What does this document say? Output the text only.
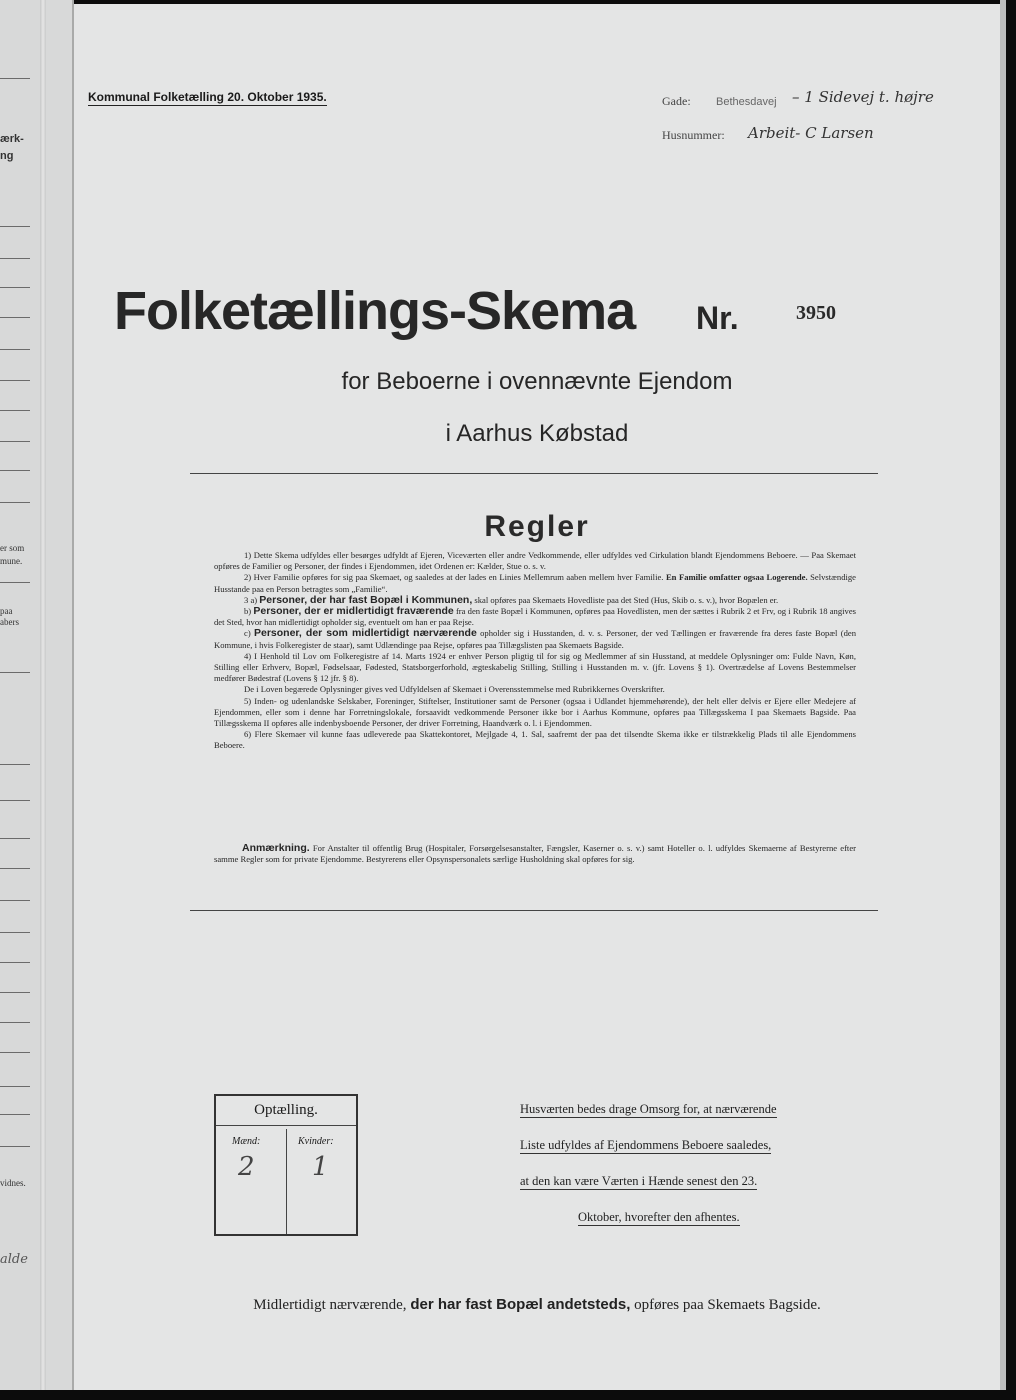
ærk-
ng
er som
mune.
paa
abers
vidnes.
alde
Kommunal Folketælling 20. Oktober 1935.	Gade: Bethesdavej – 1 Sidevej t. højre
Husnummer: Arbeit- C Larsen
Folketællings-Skema Nr.	3950
for Beboerne i ovennævnte Ejendom
i Aarhus Købstad
Regler

1) Dette Skema udfyldes eller besørges udfyldt af Ejeren, Viceværten eller andre Vedkommende, eller udfyldes ved Cirkulation blandt Ejendommens Beboere. — Paa Skemaet opføres de Familier og Personer, der findes i Ejendommen, idet Ordenen er: Kælder, Stue o. s. v.

2) Hver Familie opføres for sig paa Skemaet, og saaledes at der lades en Linies Mellemrum aaben mellem hver Familie. En Familie omfatter ogsaa Logerende. Selvstændige Husstande paa en Person betragtes som „Familie“.

3 a) Personer, der har fast Bopæl i Kommunen, skal opføres paa Skemaets Hovedliste paa det Sted (Hus, Skib o. s. v.), hvor Bopælen er.

b) Personer, der er midlertidigt fraværende fra den faste Bopæl i Kommunen, opføres paa Hovedlisten, men der sættes i Rubrik 2 et Frv, og i Rubrik 18 angives det Sted, hvor han midlertidigt opholder sig, eventuelt om han er paa Rejse.

c) Personer, der som midlertidigt nærværende opholder sig i Husstanden, d. v. s. Personer, der ved Tællingen er fraværende fra deres faste Bopæl (den Kommune, i hvis Folkeregister de staar), samt Udlændinge paa Rejse, opføres paa Tillægslisten paa Skemaets Bagside.

4) I Henhold til Lov om Folkeregistre af 14. Marts 1924 er enhver Person pligtig til for sig og Medlemmer af sin Husstand, at meddele Oplysninger om: Fulde Navn, Køn, Stilling eller Erhverv, Bopæl, Fødselsaar, Fødested, Statsborgerforhold, ægteskabelig Stilling, Stilling i Husstanden m. v. (jfr. Lovens § 1). Overtrædelse af Lovens Bestemmelser medfører Bødestraf (Lovens § 12 jfr. § 8).

De i Loven begærede Oplysninger gives ved Udfyldelsen af Skemaet i Overensstemmelse med Rubrikkernes Overskrifter.

5) Inden- og udenlandske Selskaber, Foreninger, Stiftelser, Institutioner samt de Personer (ogsaa i Udlandet hjemmehørende), der helt eller delvis er Ejere eller Medejere af Ejendommen, eller som i denne har Forretningslokale, forsaavidt vedkommende Personer ikke bor i Aarhus Kommune, opføres paa Tillægsskema I paa Skemaets Bagside. Paa Tillægsskema II opføres alle indenbysboende Personer, der driver Forretning, Haandværk o. l. i Ejendommen.

6) Flere Skemaer vil kunne faas udleverede paa Skattekontoret, Mejlgade 4, 1. Sal, saafremt der paa det tilsendte Skema ikke er tilstrækkelig Plads til alle Ejendommens Beboere.

Anmærkning. For Anstalter til offentlig Brug (Hospitaler, Forsørgelsesanstalter, Fængsler, Kaserner o. s. v.) samt Hoteller o. l. udfyldes Skemaerne af Bestyrerne efter samme Regler som for private Ejendomme. Bestyrerens eller Opsynspersonalets særlige Husholdning skal opføres for sig.

Optælling.
Mænd:	Kvinder:
2 1
Husværten bedes drage Omsorg for, at nærværende
Liste udfyldes af Ejendommens Beboere saaledes,
at den kan være Værten i Hænde senest den 23.
Oktober, hvorefter den afhentes.
Midlertidigt nærværende, der har fast Bopæl andetsteds, opføres paa Skemaets Bagside.
